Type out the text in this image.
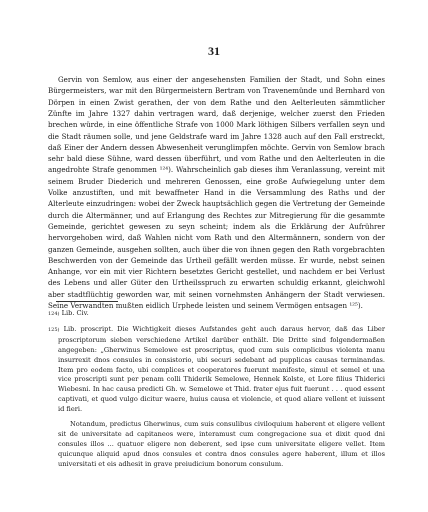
31

Gervin von Semlow, aus einer der angesehensten Familien der Stadt, und Sohn eines Bürgermeisters, war mit den Bürgermeistern Bertram von Travenemünde und Bernhard von Dörpen in einen Zwist gerathen, der von dem Rathe und den Aelterleuten sämmtlicher Zünfte im Jahre 1327 dahin vertragen ward, daß derjenige, welcher zuerst den Frieden brechen würde, in eine öffentliche Strafe von 1000 Mark löthigen Silbers verfallen seyn und die Stadt räumen solle, und jene Geldstrafe ward im Jahre 1328 auch auf den Fall erstreckt, daß Einer der Andern dessen Abwesenheit verunglimpfen möchte. Gervin von Semlow brach sehr bald diese Sühne, ward dessen überführt, und vom Rathe und den Aelterleuten in die angedrohte Strafe genommen ¹²⁴). Wahrscheinlich gab dieses ihm Veranlassung, vereint mit seinem Bruder Diederich und mehreren Genossen, eine große Aufwiegelung unter dem Volke anzustiften, und mit bewaffneter Hand in die Versammlung des Raths und der Alterleute einzudringen: wobei der Zweck hauptsächlich gegen die Vertretung der Gemeinde durch die Altermänner, und auf Erlangung des Rechtes zur Mitregierung für die gesammte Gemeinde, gerichtet gewesen zu seyn scheint; indem als die Erklärung der Aufrührer hervorgehoben wird, daß Wahlen nicht vom Rath und den Altermännern, sondern von der ganzen Gemeinde, ausgehen sollten, auch über die von ihnen gegen den Rath vorgebrachten Beschwerden von der Gemeinde das Urtheil gefällt werden müsse. Er wurde, nebst seinen Anhange, vor ein mit vier Richtern besetztes Gericht gestellet, und nachdem er bei Verlust des Lebens und aller Güter den Urtheilsspruch zu erwarten schuldig erkannt, gleichwohl aber stadtflüchtig geworden war, mit seinen vornehmsten Anhängern der Stadt verwiesen. Seine Verwandten mußten eidlich Urphede leisten und seinem Vermögen entsagen ¹²⁵).

124) Lib. Civ.
125) Lib. proscript. Die Wichtigkeit dieses Aufstandes geht auch daraus hervor, daß das Liber proscriptorum sieben verschiedene Artikel darüber enthält. Die Dritte sind folgendermaßen angegeben: „Gherwinus Semelowe est proscriptus, quod cum suis complicibus violenta manu insurrexit dnos consules in consistorio, ubi securi sedebant ad pupplicas causas terminandas. Item pro eodem facto, ubi complices et cooperatores fuerunt manifeste, simul et semel et una vice proscripti sunt per penam colli Thiderik Semelowe, Hennek Kolste, et Lore filius Thiderici Wiebesni. In hac causa predicti Gh. w. Semelowe et Thid. frater ejus fuit fuerunt . . . quod essent captivati, et quod vulgo dicitur waere, huius causa et violencie, et quod aliare vellent et iuissent id fieri.

Notandum, predictus Gherwinus, cum suis consulibus civiloquium haberent et eligere vellent sit de universitate ad capitaneos were, interamust cum congregacione sua et dixit quod dni consules illos ... quatuor eligere non deberent, sed ipse cum universitate eligere vellet. Item quicunque aliquid apud dnos consules et contra dnos consules agere haberent, illum et illos universitati et eis adhesit in grave preiudicium bonorum consulum.
